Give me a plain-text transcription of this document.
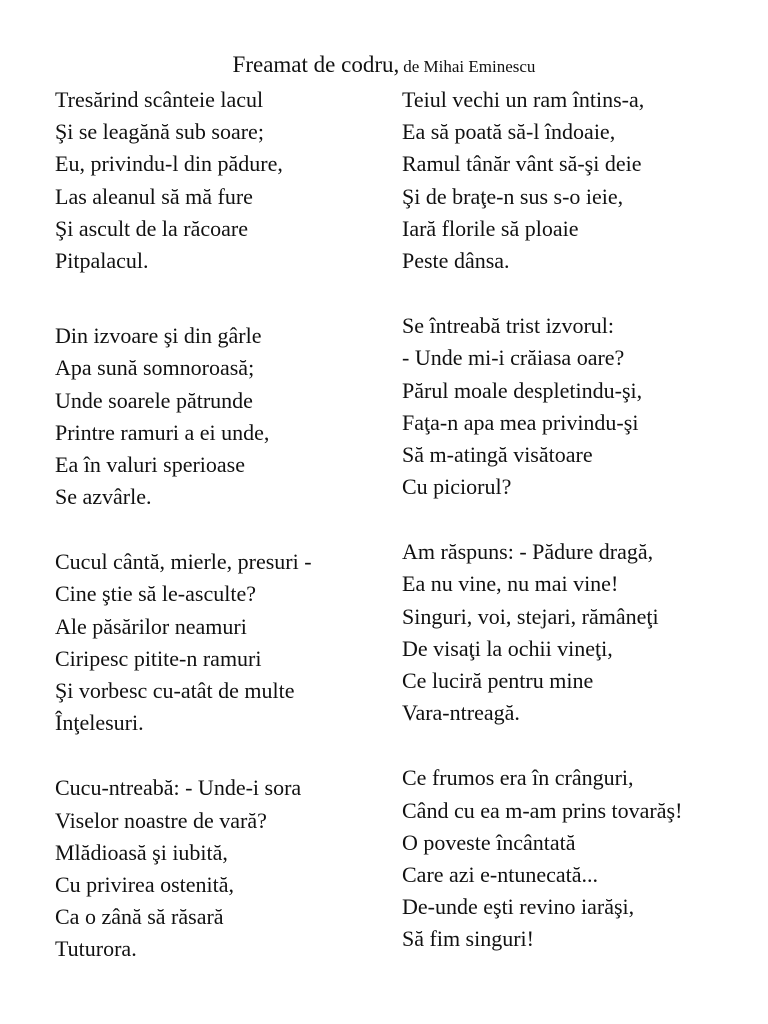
Freamat de codru, de Mihai Eminescu
Tresărind scânteie lacul
Şi se leagănă sub soare;
Eu, privindu-l din pădure,
Las aleanul să mă fure
Şi ascult de la răcoare
Pitpalacul.
Din izvoare şi din gârle
Apa sună somnoroasă;
Unde soarele pătrunde
Printre ramuri a ei unde,
Ea în valuri sperioase
Se azvârle.
Cucul cântă, mierle, presuri -
Cine ştie să le-asculte?
Ale păsărilor neamuri
Ciripesc pitite-n ramuri
Şi vorbesc cu-atât de multe
Înţelesuri.
Cucu-ntreabă: - Unde-i sora
Viselor noastre de vară?
Mlădioasă şi iubită,
Cu privirea ostenită,
Ca o zână să răsară
Tuturora.
Teiul vechi un ram întins-a,
Ea să poată să-l îndoaie,
Ramul tânăr vânt să-şi deie
Şi de braţe-n sus s-o ieie,
Iară florile să ploaie
Peste dânsa.
Se întreabă trist izvorul:
- Unde mi-i crăiasa oare?
Părul moale despletindu-şi,
Faţa-n apa mea privindu-şi
Să m-atingă visătoare
Cu piciorul?
Am răspuns: - Pădure dragă,
Ea nu vine, nu mai vine!
Singuri, voi, stejari, rămâneţi
De visaţi la ochii vineţi,
Ce luciră pentru mine
Vara-ntreagă.
Ce frumos era în crânguri,
Când cu ea m-am prins tovarăş!
O poveste încântată
Care azi e-ntunecată...
De-unde eşti revino iarăşi,
Să fim singuri!
